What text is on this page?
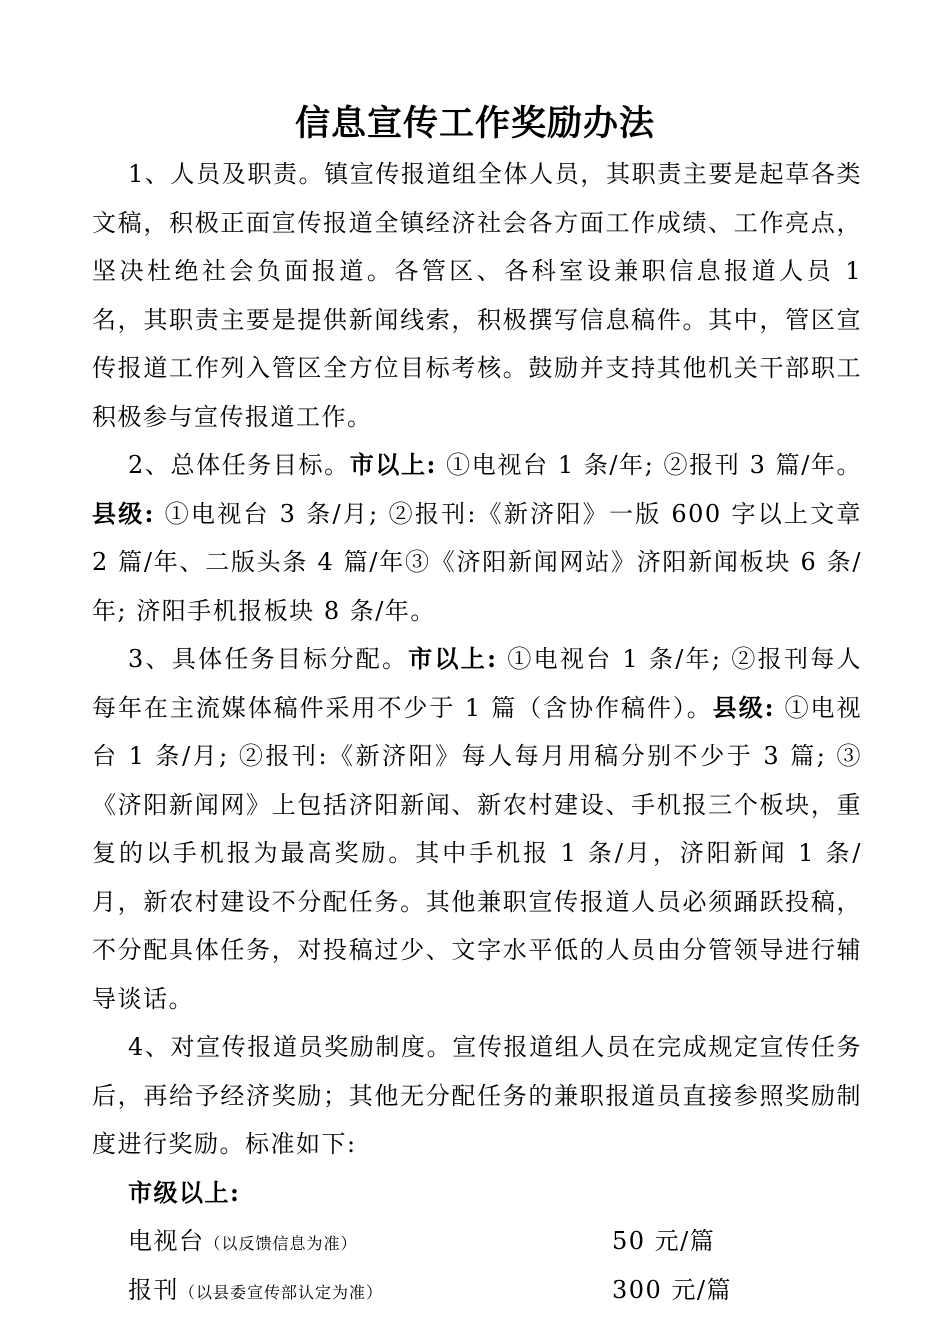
信息宣传工作奖励办法

1、人员及职责。镇宣传报道组全体人员，其职责主要是起草各类文稿，积极正面宣传报道全镇经济社会各方面工作成绩、工作亮点，坚决杜绝社会负面报道。各管区、各科室设兼职信息报道人员 1 名，其职责主要是提供新闻线索，积极撰写信息稿件。其中，管区宣传报道工作列入管区全方位目标考核。鼓励并支持其他机关干部职工积极参与宣传报道工作。

2、总体任务目标。市以上: ①电视台 1 条/年; ②报刊 3 篇/年。县级: ①电视台 3 条/月; ②报刊:《新济阳》一版 600 字以上文章 2 篇/年、二版头条 4 篇/年③《济阳新闻网站》济阳新闻板块 6 条/年; 济阳手机报板块 8 条/年。

3、具体任务目标分配。市以上: ①电视台 1 条/年; ②报刊每人每年在主流媒体稿件采用不少于 1 篇（含协作稿件）。县级: ①电视台 1 条/月; ②报刊:《新济阳》每人每月用稿分别不少于 3 篇; ③《济阳新闻网》上包括济阳新闻、新农村建设、手机报三个板块，重复的以手机报为最高奖励。其中手机报 1 条/月，济阳新闻 1 条/月，新农村建设不分配任务。其他兼职宣传报道人员必须踊跃投稿，不分配具体任务，对投稿过少、文字水平低的人员由分管领导进行辅导谈话。

4、对宣传报道员奖励制度。宣传报道组人员在完成规定宣传任务后，再给予经济奖励；其他无分配任务的兼职报道员直接参照奖励制度进行奖励。标准如下:

市级以上:

电视台（以反馈信息为准）	50 元/篇

报刊（以县委宣传部认定为准）	300 元/篇
